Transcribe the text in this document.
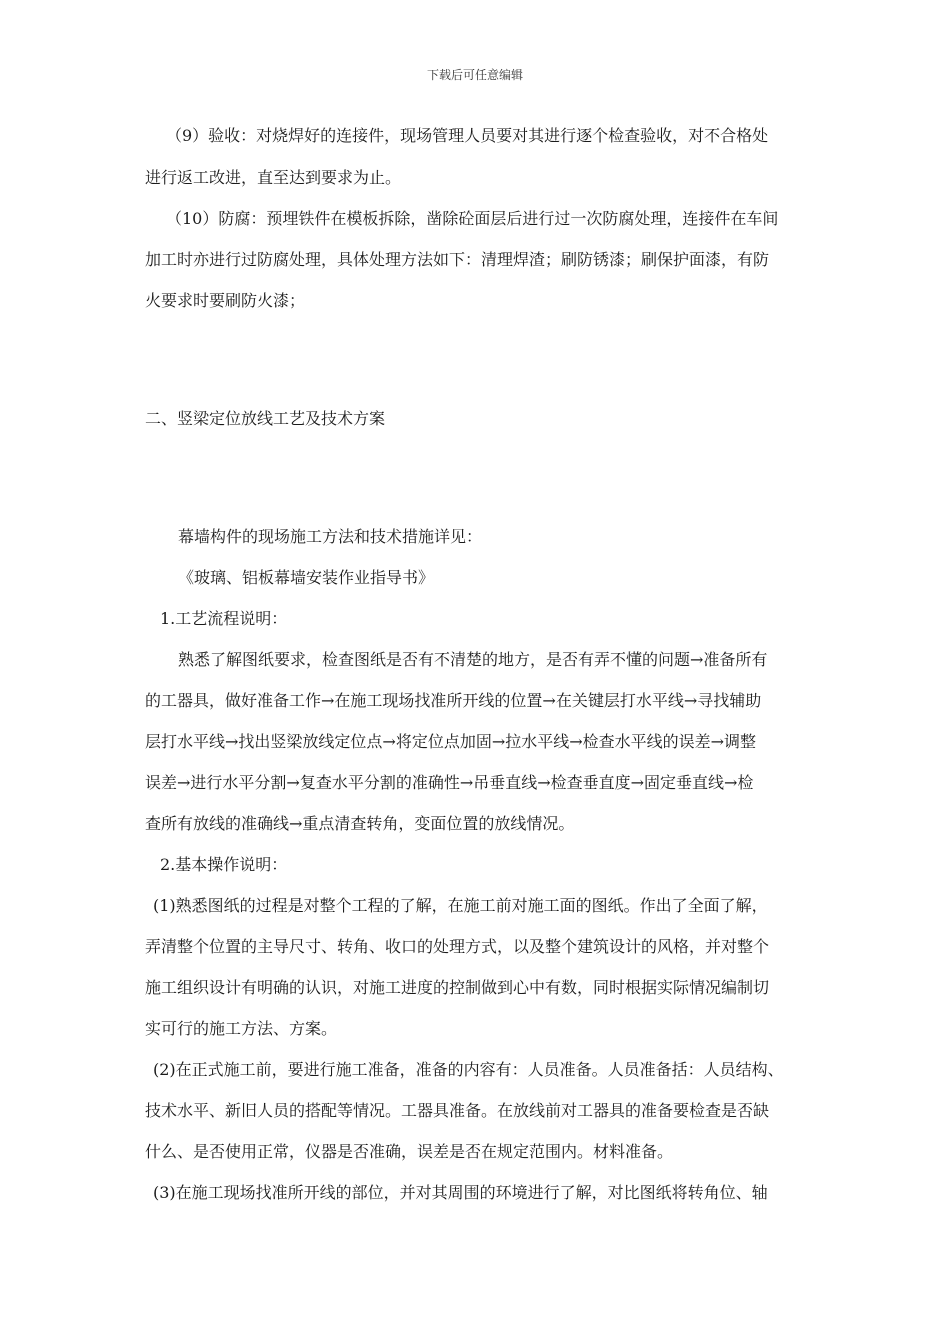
下载后可任意编辑
（9）验收：对烧焊好的连接件，现场管理人员要对其进行逐个检查验收，对不合格处
进行返工改进，直至达到要求为止。
（10）防腐：预埋铁件在模板拆除，凿除砼面层后进行过一次防腐处理，连接件在车间
加工时亦进行过防腐处理，具体处理方法如下：清理焊渣；刷防锈漆；刷保护面漆，有防
火要求时要刷防火漆；
二、竖梁定位放线工艺及技术方案
幕墙构件的现场施工方法和技术措施详见：
《玻璃、铝板幕墙安装作业指导书》
1.工艺流程说明：
熟悉了解图纸要求，检查图纸是否有不清楚的地方，是否有弄不懂的问题→准备所有
的工器具，做好准备工作→在施工现场找准所开线的位置→在关键层打水平线→寻找辅助
层打水平线→找出竖梁放线定位点→将定位点加固→拉水平线→检查水平线的误差→调整
误差→进行水平分割→复查水平分割的准确性→吊垂直线→检查垂直度→固定垂直线→检
查所有放线的准确线→重点清查转角，变面位置的放线情况。
2.基本操作说明：
(1)熟悉图纸的过程是对整个工程的了解，在施工前对施工面的图纸。作出了全面了解，
弄清整个位置的主导尺寸、转角、收口的处理方式，以及整个建筑设计的风格，并对整个
施工组织设计有明确的认识，对施工进度的控制做到心中有数，同时根据实际情况编制切
实可行的施工方法、方案。
(2)在正式施工前，要进行施工准备，准备的内容有：人员准备。人员准备括：人员结构、
技术水平、新旧人员的搭配等情况。工器具准备。在放线前对工器具的准备要检查是否缺
什么、是否使用正常，仪器是否准确，误差是否在规定范围内。材料准备。
(3)在施工现场找准所开线的部位，并对其周围的环境进行了解，对比图纸将转角位、轴
